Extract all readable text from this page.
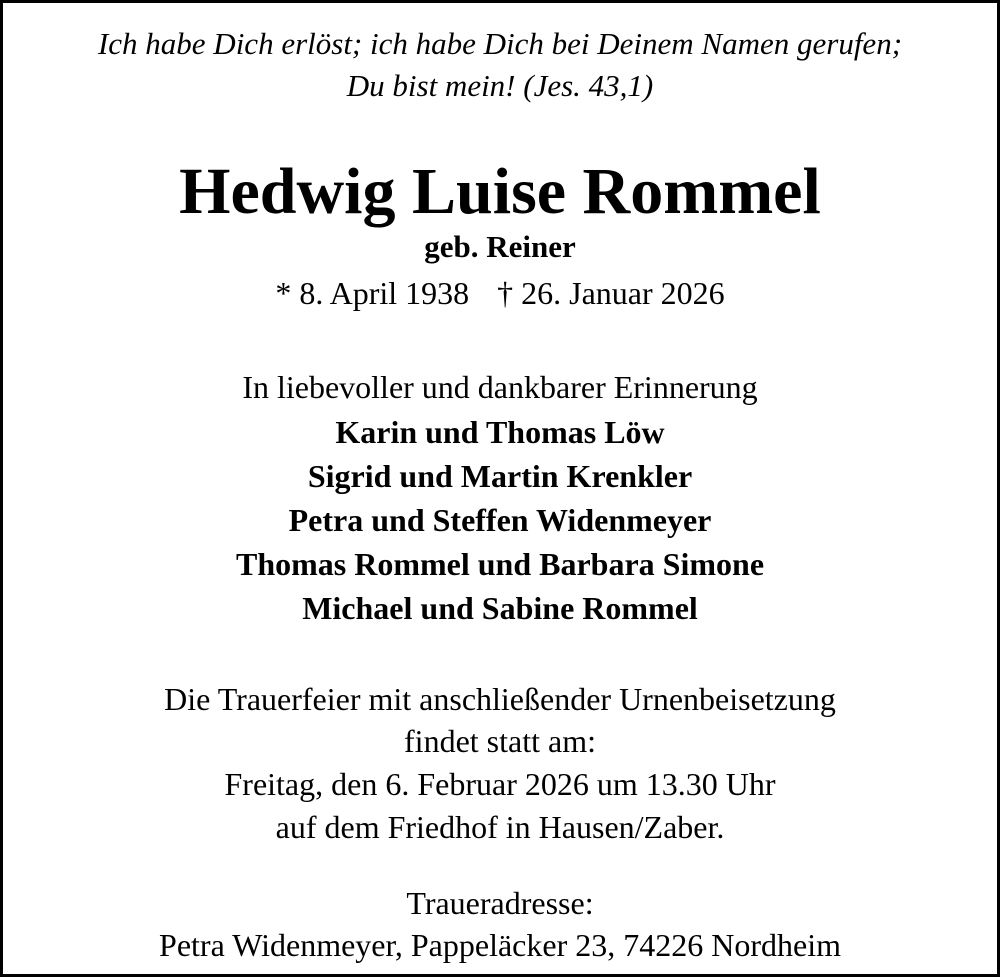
Ich habe Dich erlöst; ich habe Dich bei Deinem Namen gerufen;
Du bist mein! (Jes. 43,1)
Hedwig Luise Rommel
geb. Reiner
* 8. April 1938 † 26. Januar 2026
In liebevoller und dankbarer Erinnerung
Karin und Thomas Löw
Sigrid und Martin Krenkler
Petra und Steffen Widenmeyer
Thomas Rommel und Barbara Simone
Michael und Sabine Rommel
Die Trauerfeier mit anschließender Urnenbeisetzung
findet statt am:
Freitag, den 6. Februar 2026 um 13.30 Uhr
auf dem Friedhof in Hausen/Zaber.
Traueradresse:
Petra Widenmeyer, Pappeläcker 23, 74226 Nordheim
